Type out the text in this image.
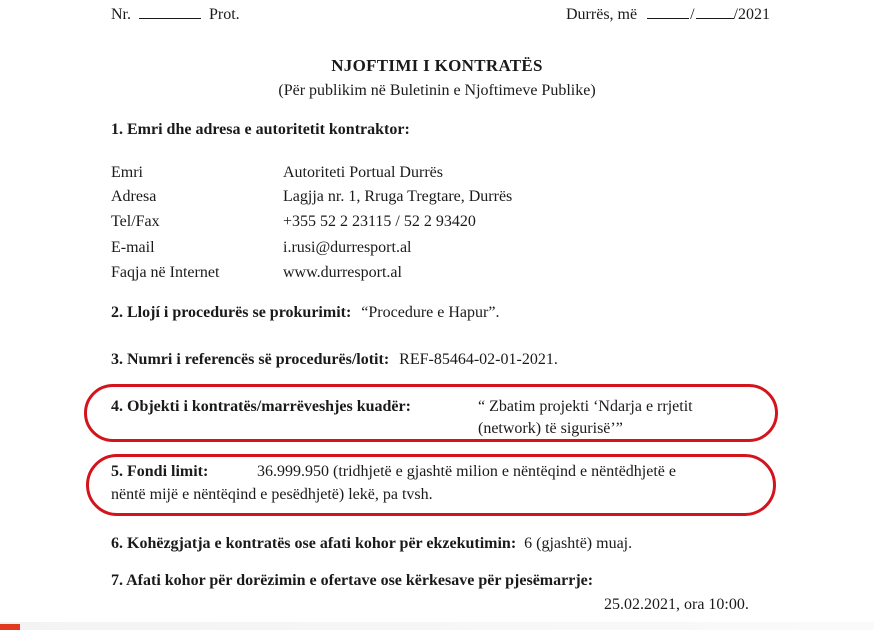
Nr.	Prot.	Durrës, më	/ /2021
NJOFTIMI I KONTRATËS
(Për publikim në Buletinin e Njoftimeve Publike)
1. Emri dhe adresa e autoritetit kontraktor:
Emri	Autoriteti Portual Durrës
Adresa	Lagjja nr. 1, Rruga Tregtare, Durrës
Tel/Fax	+355 52 2 23115 / 52 2 93420
E-mail	i.rusi@durresport.al
Faqja në Internet	www.durresport.al
2. Llojí i procedurës se prokurimit: “Procedure e Hapur”.
3. Numri i referencës së procedurës/lotit: REF-85464-02-01-2021.
4. Objekti i kontratës/marrëveshjes kuadër:	“ Zbatim projekti ‘Ndarja e rrjetit
(network) të sigurisë’”
5. Fondi limit:	36.999.950 (tridhjetë e gjashtë milion e nëntëqind e nëntëdhjetë e
nëntë mijë e nëntëqind e pesëdhjetë) lekë, pa tvsh.
6. Kohëzgjatja e kontratës ose afati kohor për ekzekutimin: 6 (gjashtë) muaj.
7. Afati kohor për dorëzimin e ofertave ose kërkesave për pjesëmarrje:
25.02.2021, ora 10:00.
